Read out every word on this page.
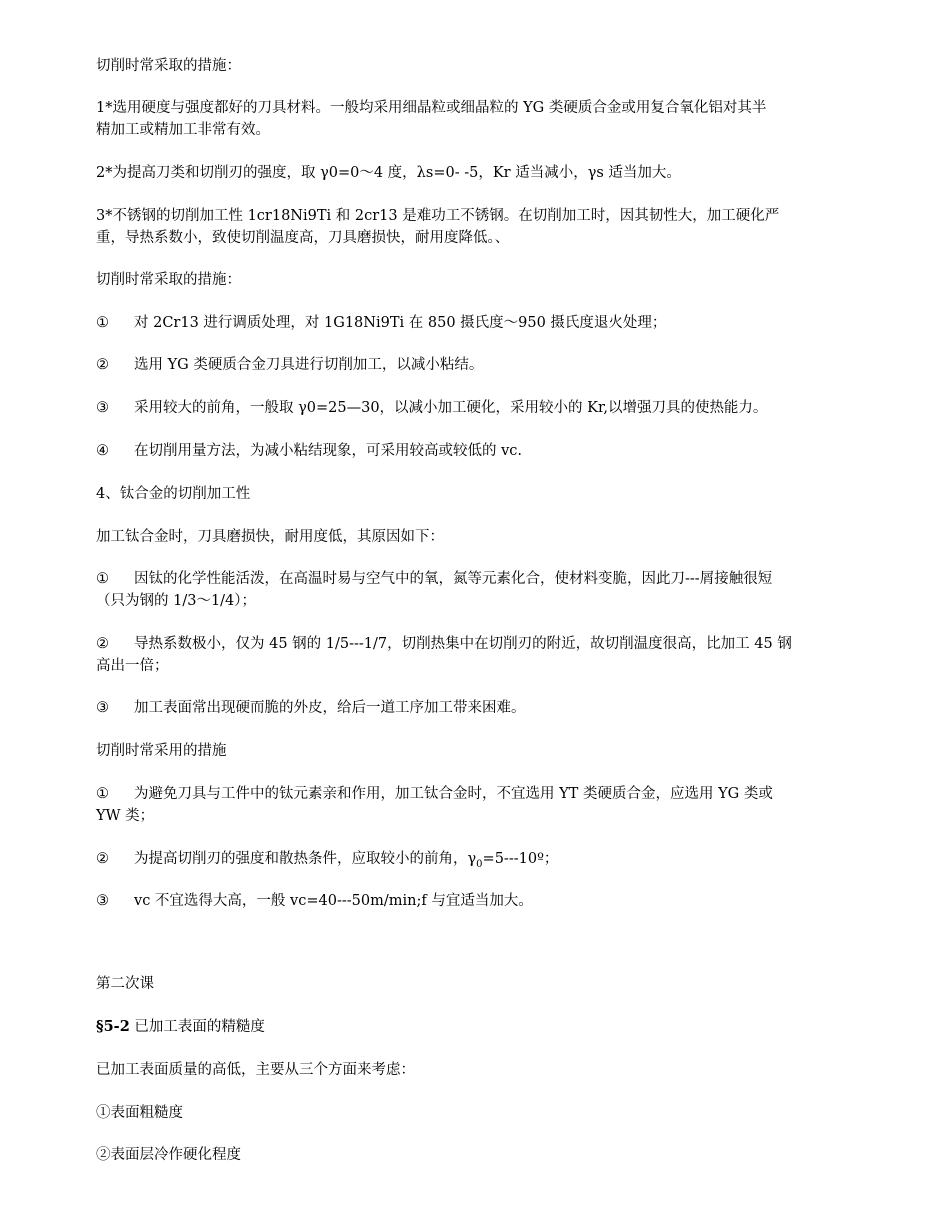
切削时常采取的措施：
1*选用硬度与强度都好的刀具材料。一般均采用细晶粒或细晶粒的 YG 类硬质合金或用复合氧化铝对其半
精加工或精加工非常有效。
2*为提高刀类和切削刃的强度，取 γ0=0～4 度，λs=0- -5，Kr 适当减小，γs 适当加大。
3*不锈钢的切削加工性 1cr18Ni9Ti 和 2cr13 是难功工不锈钢。在切削加工时，因其韧性大，加工硬化严
重，导热系数小，致使切削温度高，刀具磨损快，耐用度降低。、
切削时常采取的措施：
① 对 2Cr13 进行调质处理，对 1G18Ni9Ti 在 850 摄氏度～950 摄氏度退火处理；
② 选用 YG 类硬质合金刀具进行切削加工，以减小粘结。
③ 采用较大的前角，一般取 γ0=25—30，以减小加工硬化，采用较小的 Kr,以增强刀具的使热能力。
④ 在切削用量方法，为减小粘结现象，可采用较高或较低的 vc.
4、钛合金的切削加工性
加工钛合金时，刀具磨损快，耐用度低，其原因如下：
① 因钛的化学性能活泼，在高温时易与空气中的氧，氮等元素化合，使材料变脆，因此刀---屑接触很短
（只为钢的 1/3～1/4）；
② 导热系数极小，仅为 45 钢的 1/5---1/7，切削热集中在切削刃的附近，故切削温度很高，比加工 45 钢
高出一倍；
③ 加工表面常出现硬而脆的外皮，给后一道工序加工带来困难。
切削时常采用的措施
① 为避免刀具与工件中的钛元素亲和作用，加工钛合金时，不宜选用 YT 类硬质合金，应选用 YG 类或
YW 类；
② 为提高切削刃的强度和散热条件，应取较小的前角，$\gamma_0=5---10º$；
③ vc 不宜选得大高，一般 vc=40---50m/min;f 与宜适当加大。
第二次课
§5-2 已加工表面的精糙度
已加工表面质量的高低，主要从三个方面来考虑：
①表面粗糙度
②表面层冷作硬化程度
